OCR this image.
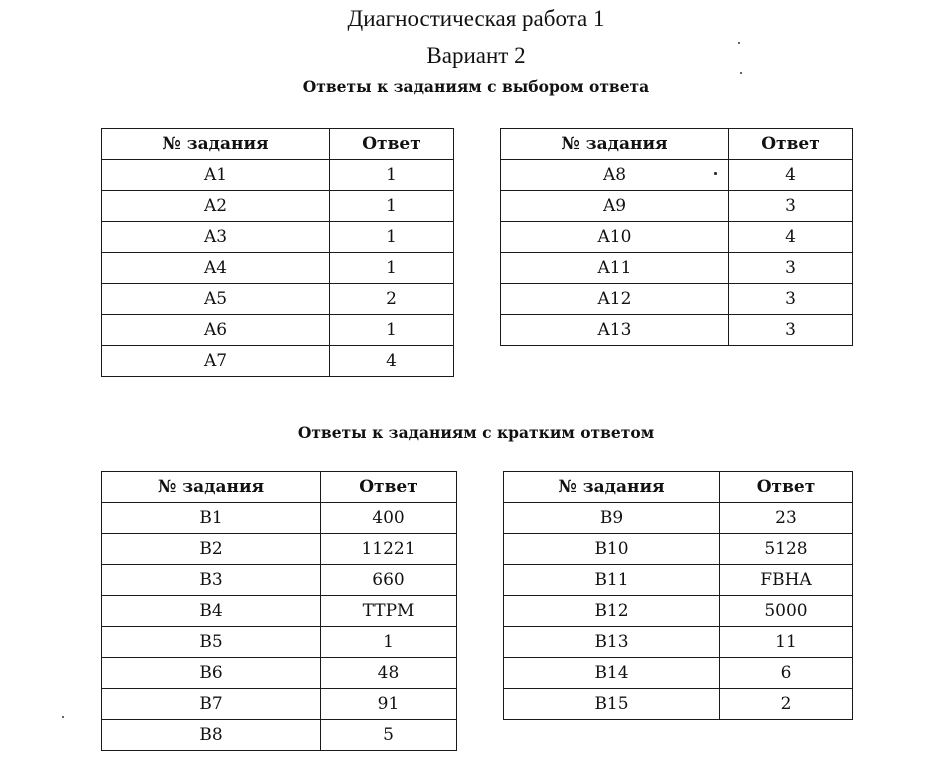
Диагностическая работа 1
Вариант 2
Ответы к заданиям с выбором ответа
№ задания	Ответ
A1	1
A2	1
A3	1
A4	1
A5	2
A6	1
A7	4
№ задания	Ответ
A8	4
A9	3
A10	4
A11	3
A12	3
A13	3
Ответы к заданиям с кратким ответом
№ задания	Ответ
B1	400
B2	11221
B3	660
B4	TTPM
B5	1
B6	48
B7	91
B8	5
№ задания	Ответ
B9	23
B10	5128
B11	FBHA
B12	5000
B13	11
B14	6
B15	2
